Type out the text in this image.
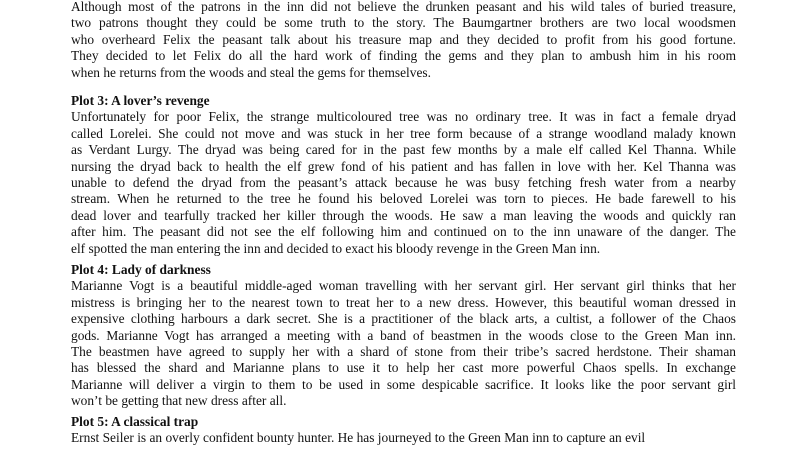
Although most of the patrons in the inn did not believe the drunken peasant and his wild tales of buried treasure,
two patrons thought they could be some truth to the story. The Baumgartner brothers are two local woodsmen
who overheard Felix the peasant talk about his treasure map and they decided to profit from his good fortune.
They decided to let Felix do all the hard work of finding the gems and they plan to ambush him in his room
when he returns from the woods and steal the gems for themselves.

Plot 3: A lover’s revenge

Unfortunately for poor Felix, the strange multicoloured tree was no ordinary tree. It was in fact a female dryad
called Lorelei. She could not move and was stuck in her tree form because of a strange woodland malady known
as Verdant Lurgy. The dryad was being cared for in the past few months by a male elf called Kel Thanna. While
nursing the dryad back to health the elf grew fond of his patient and has fallen in love with her. Kel Thanna was
unable to defend the dryad from the peasant’s attack because he was busy fetching fresh water from a nearby
stream. When he returned to the tree he found his beloved Lorelei was torn to pieces. He bade farewell to his
dead lover and tearfully tracked her killer through the woods. He saw a man leaving the woods and quickly ran
after him. The peasant did not see the elf following him and continued on to the inn unaware of the danger. The
elf spotted the man entering the inn and decided to exact his bloody revenge in the Green Man inn.

Plot 4: Lady of darkness

Marianne Vogt is a beautiful middle-aged woman travelling with her servant girl. Her servant girl thinks that her
mistress is bringing her to the nearest town to treat her to a new dress. However, this beautiful woman dressed in
expensive clothing harbours a dark secret. She is a practitioner of the black arts, a cultist, a follower of the Chaos
gods. Marianne Vogt has arranged a meeting with a band of beastmen in the woods close to the Green Man inn.
The beastmen have agreed to supply her with a shard of stone from their tribe’s sacred herdstone. Their shaman
has blessed the shard and Marianne plans to use it to help her cast more powerful Chaos spells. In exchange
Marianne will deliver a virgin to them to be used in some despicable sacrifice. It looks like the poor servant girl
won’t be getting that new dress after all.

Plot 5: A classical trap

Ernst Seiler is an overly confident bounty hunter. He has journeyed to the Green Man inn to capture an evil
